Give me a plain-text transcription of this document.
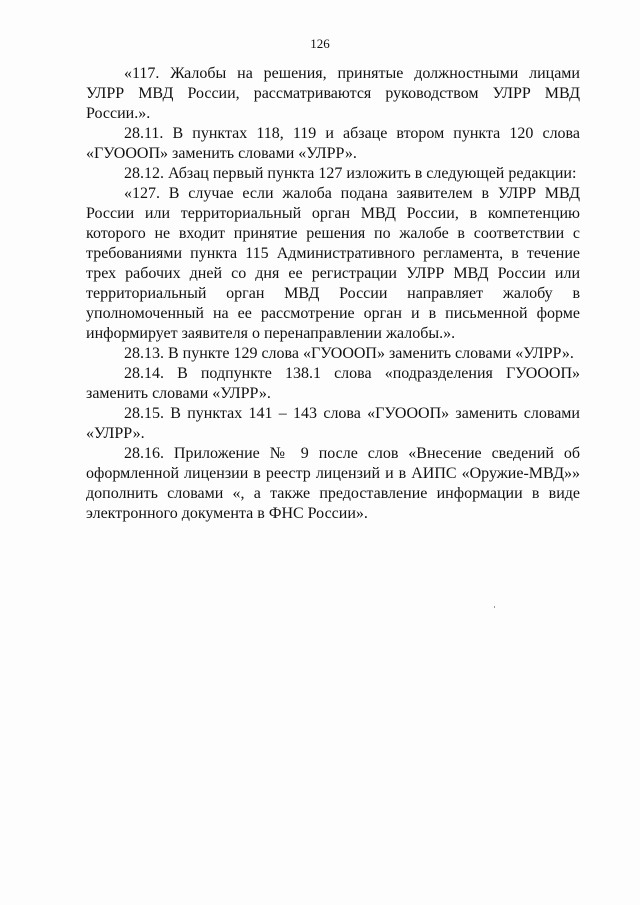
126

«117. Жалобы на решения, принятые должностными лицами УЛРР МВД России, рассматриваются руководством УЛРР МВД России.».

28.11. В пунктах 118, 119 и абзаце втором пункта 120 слова «ГУОООП» заменить словами «УЛРР».

28.12. Абзац первый пункта 127 изложить в следующей редакции:

«127. В случае если жалоба подана заявителем в УЛРР МВД России или территориальный орган МВД России, в компетенцию которого не входит принятие решения по жалобе в соответствии с требованиями пункта 115 Административного регламента, в течение трех рабочих дней со дня ее регистрации УЛРР МВД России или территориальный орган МВД России направляет жалобу в уполномоченный на ее рассмотрение орган и в письменной форме информирует заявителя о перенаправлении жалобы.».

28.13. В пункте 129 слова «ГУОООП» заменить словами «УЛРР».

28.14. В подпункте 138.1 слова «подразделения ГУОООП» заменить словами «УЛРР».

28.15. В пунктах 141 – 143 слова «ГУОООП» заменить словами «УЛРР».

28.16. Приложение № 9 после слов «Внесение сведений об оформленной лицензии в реестр лицензий и в АИПС «Оружие-МВД»» дополнить словами «, а также предоставление информации в виде электронного документа в ФНС России».
